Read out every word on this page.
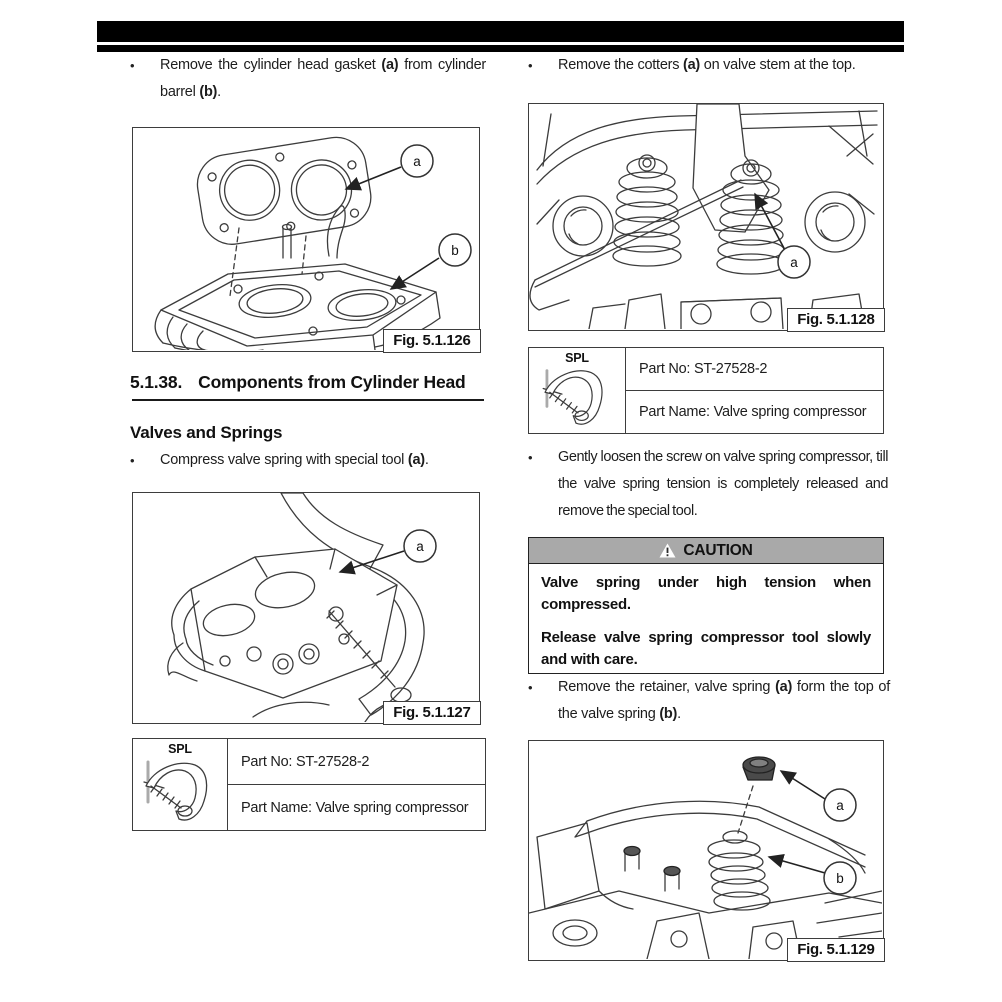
•	Remove the cylinder head gasket (a) from cylinder barrel (b).

a
b
Fig. 5.1.126
5.1.38. Components from Cylinder Head
Valves and Springs
•	Compress valve spring with special tool (a).

a
Fig. 5.1.127
SPL
Part No: ST-27528-2
Part Name: Valve spring compressor
•	Remove the cotters (a) on valve stem at the top.

a
Fig. 5.1.128
SPL
Part No: ST-27528-2
Part Name: Valve spring compressor
•	Gently loosen the screw on valve spring compressor, till the valve spring tension is completely released and remove the special tool.

CAUTION

Valve spring under high tension when compressed.

Release valve spring compressor tool slowly and with care.

•	Remove the retainer, valve spring (a) form the top of the valve spring (b).

a
b
Fig. 5.1.129
